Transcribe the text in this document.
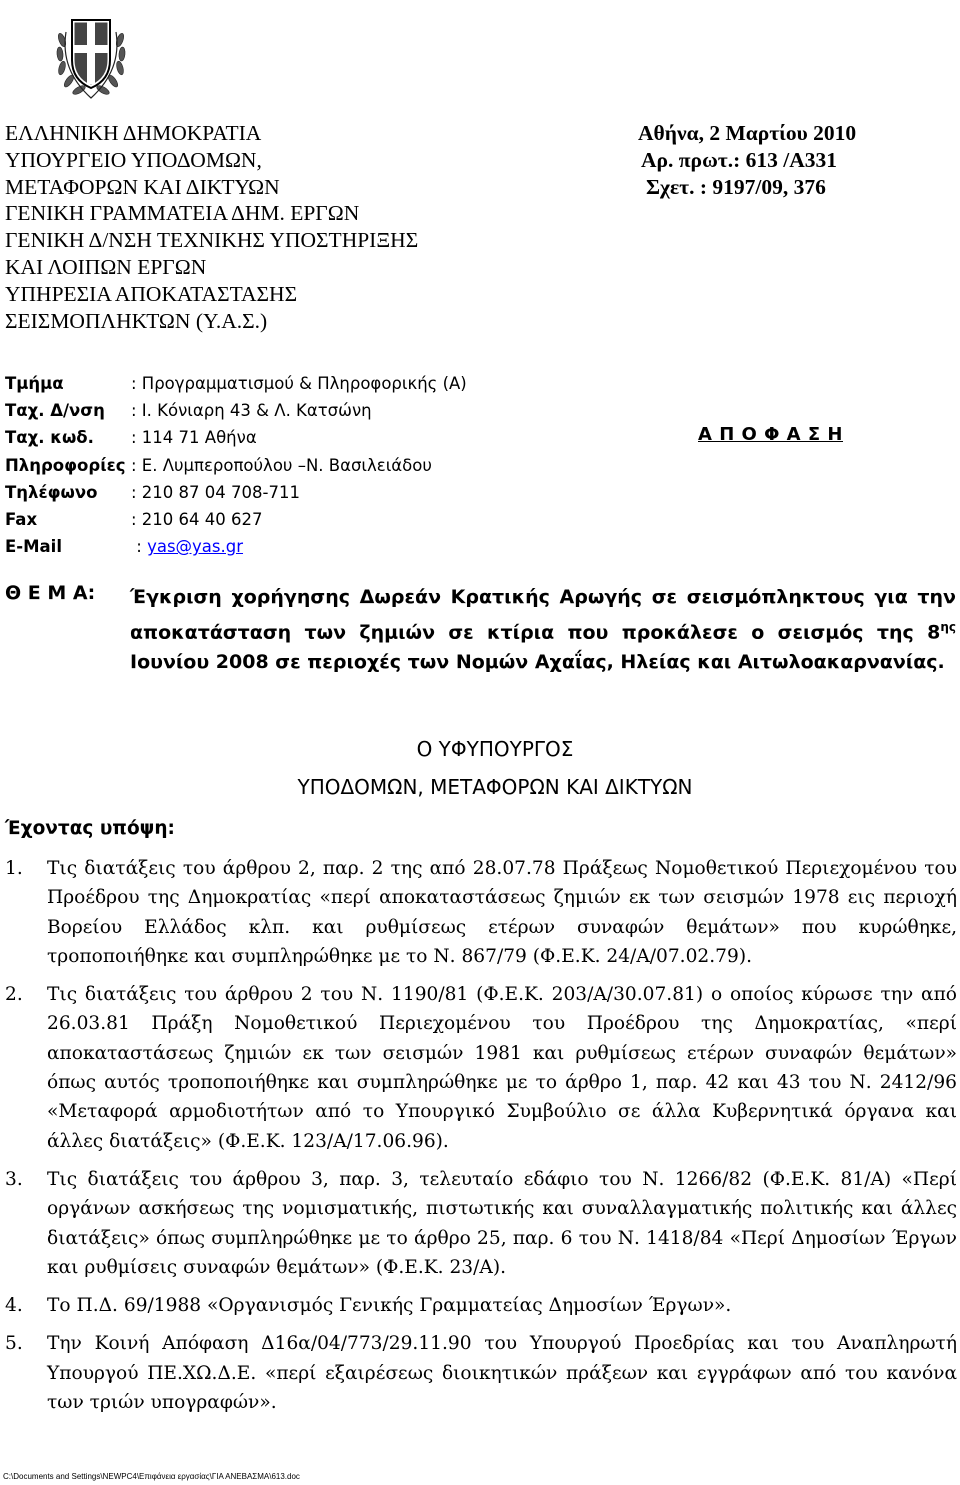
ΕΛΛΗΝΙΚΗ ΔΗΜΟΚΡΑΤΙΑ
ΥΠΟΥΡΓΕΙΟ ΥΠΟΔΟΜΩΝ,
ΜΕΤΑΦΟΡΩΝ ΚΑΙ ΔΙΚΤΥΩΝ
ΓΕΝΙΚΗ ΓΡΑΜΜΑΤΕΙΑ ΔΗΜ. ΕΡΓΩΝ
ΓΕΝΙΚΗ Δ/ΝΣΗ ΤΕΧΝΙΚΗΣ ΥΠΟΣΤΗΡΙΞΗΣ
ΚΑΙ ΛΟΙΠΩΝ ΕΡΓΩΝ
ΥΠΗΡΕΣΙΑ ΑΠΟΚΑΤΑΣΤΑΣΗΣ
ΣΕΙΣΜΟΠΛΗΚΤΩΝ (Υ.Α.Σ.)
Αθήνα, 2 Μαρτίου 2010
Αρ. πρωτ.: 613 /Α331
Σχετ. : 9197/09, 376
Τμήμα	: Προγραμματισμού & Πληροφορικής (Α)
Ταχ. Δ/νση	: Ι. Κόνιαρη 43 & Λ. Κατσώνη
Ταχ. κωδ.	: 114 71 Αθήνα
Πληροφορίες : Ε. Λυμπεροπούλου –Ν. Βασιλειάδου
Τηλέφωνο	: 210 87 04 708-711
Fax	: 210 64 40 627
E-Mail	: yas@yas.gr
Α Π Ο Φ Α Σ Η
Θ Ε Μ Α: Έγκριση χορήγησης Δωρεάν Κρατικής Αρωγής σε σεισμόπληκτους για την αποκατάσταση των ζημιών σε κτίρια που προκάλεσε ο σεισμός της $8^{\eta\varsigma}$ Ιουνίου 2008 σε περιοχές των Νομών Αχαΐας, Ηλείας και Αιτωλοακαρνανίας.
Ο ΥΦΥΠΟΥΡΓΟΣ
ΥΠΟΔΟΜΩΝ, ΜΕΤΑΦΟΡΩΝ ΚΑΙ ΔΙΚΤΥΩΝ
Έχοντας υπόψη:
1.	Τις διατάξεις του άρθρου 2, παρ. 2 της από 28.07.78 Πράξεως Νομοθετικού Περιεχομένου του Προέδρου της Δημοκρατίας «περί αποκαταστάσεως ζημιών εκ των σεισμών 1978 εις περιοχή Βορείου Ελλάδος κλπ. και ρυθμίσεως ετέρων συναφών θεμάτων» που κυρώθηκε, τροποποιήθηκε και συμπληρώθηκε με το Ν. 867/79 (Φ.Ε.Κ. 24/Α/07.02.79).
2.	Τις διατάξεις του άρθρου 2 του Ν. 1190/81 (Φ.Ε.Κ. 203/Α/30.07.81) ο οποίος κύρωσε την από 26.03.81 Πράξη Νομοθετικού Περιεχομένου του Προέδρου της Δημοκρατίας, «περί αποκαταστάσεως ζημιών εκ των σεισμών 1981 και ρυθμίσεως ετέρων συναφών θεμάτων» όπως αυτός τροποποιήθηκε και συμπληρώθηκε με το άρθρο 1, παρ. 42 και 43 του Ν. 2412/96 «Μεταφορά αρμοδιοτήτων από το Υπουργικό Συμβούλιο σε άλλα Κυβερνητικά όργανα και άλλες διατάξεις» (Φ.Ε.Κ. 123/Α/17.06.96).
3.	Τις διατάξεις του άρθρου 3, παρ. 3, τελευταίο εδάφιο του Ν. 1266/82 (Φ.Ε.Κ. 81/Α) «Περί οργάνων ασκήσεως της νομισματικής, πιστωτικής και συναλλαγματικής πολιτικής και άλλες διατάξεις» όπως συμπληρώθηκε με το άρθρο 25, παρ. 6 του Ν. 1418/84 «Περί Δημοσίων Έργων και ρυθμίσεις συναφών θεμάτων» (Φ.Ε.Κ. 23/Α).
4.	Το Π.Δ. 69/1988 «Οργανισμός Γενικής Γραμματείας Δημοσίων Έργων».
5.	Την Κοινή Απόφαση Δ16α/04/773/29.11.90 του Υπουργού Προεδρίας και του Αναπληρωτή Υπουργού ΠΕ.ΧΩ.Δ.Ε. «περί εξαιρέσεως διοικητικών πράξεων και εγγράφων από του κανόνα των τριών υπογραφών».
C:\Documents and Settings\NEWPC4\Επιφάνεια εργασίας\ΓΙΑ ΑΝΕΒΑΣΜΑ\613.doc
